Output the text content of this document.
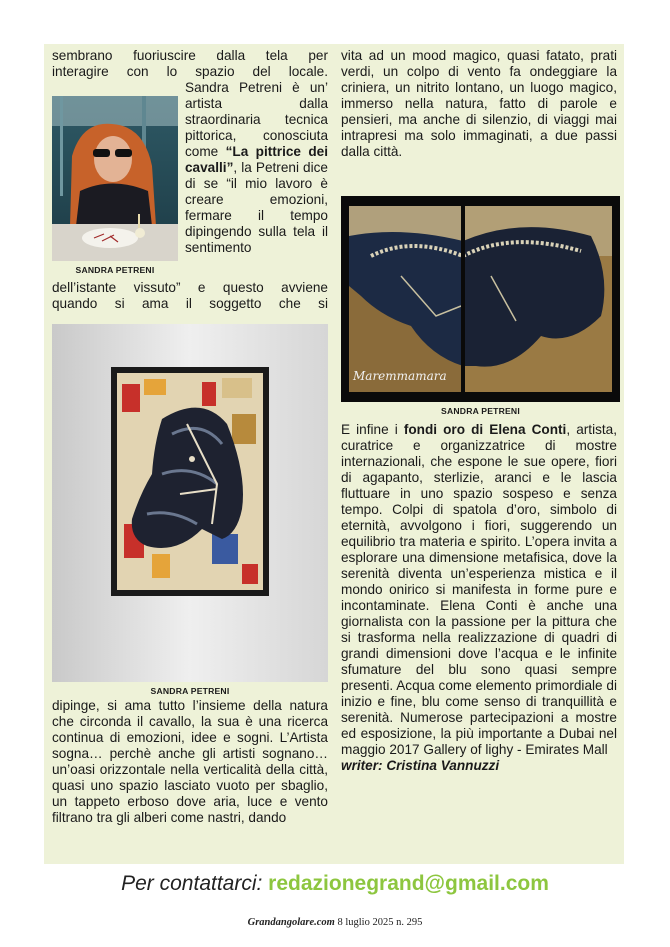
sembrano fuoriuscire dalla tela per

interagire con lo spazio del locale.

SANDRA PETRENI

Sandra Petreni è un’ artista dalla straordinaria tecnica pittorica, conosciuta come “La pittrice dei cavalli”, la Petreni dice di se “il mio lavoro è creare emozioni, fermare il tempo dipingendo sulla tela il sentimento

dell’istante vissuto” e questo avviene

quando si ama il soggetto che si

SANDRA PETRENI

dipinge, si ama tutto l’insieme della natura che circonda il cavallo, la sua è una ricerca continua di emozioni, idee e sogni. L’Artista sogna… perchè anche gli artisti sognano… un’oasi orizzontale nella verticalità della città, quasi uno spazio lasciato vuoto per sbaglio, un tappeto erboso dove aria, luce e vento filtrano tra gli alberi come nastri, dando

vita ad un mood magico, quasi fatato, prati verdi, un colpo di vento fa ondeggiare la criniera, un nitrito lontano, un luogo magico, immerso nella natura, fatto di parole e pensieri, ma anche di silenzio, di viaggi mai intrapresi ma solo immaginati, a due passi dalla città.

Maremmamara
SANDRA PETRENI

E infine i fondi oro di Elena Conti, artista, curatrice e organizzatrice di mostre internazionali, che espone le sue opere, fiori di agapanto, sterlizie, aranci e le lascia fluttuare in uno spazio sospeso e senza tempo. Colpi di spatola d’oro, simbolo di eternità, avvolgono i fiori, suggerendo un equilibrio tra materia e spirito. L’opera invita a esplorare una dimensione metafisica, dove la serenità diventa un’esperienza mistica e il mondo onirico si manifesta in forme pure e incontaminate. Elena Conti è anche una giornalista con la passione per la pittura che si trasforma nella realizzazione di quadri di grandi dimensioni dove l’acqua e le infinite sfumature del blu sono quasi sempre presenti. Acqua come elemento primordiale di inizio e fine, blu come senso di tranquillità e serenità. Numerose partecipazioni a mostre ed esposizione, la più importante a Dubai nel maggio 2017 Gallery of lighy - Emirates Mall

writer: Cristina Vannuzzi

Per contattarci: redazionegrand@gmail.com
Grandangolare.com 8 luglio 2025 n. 295
